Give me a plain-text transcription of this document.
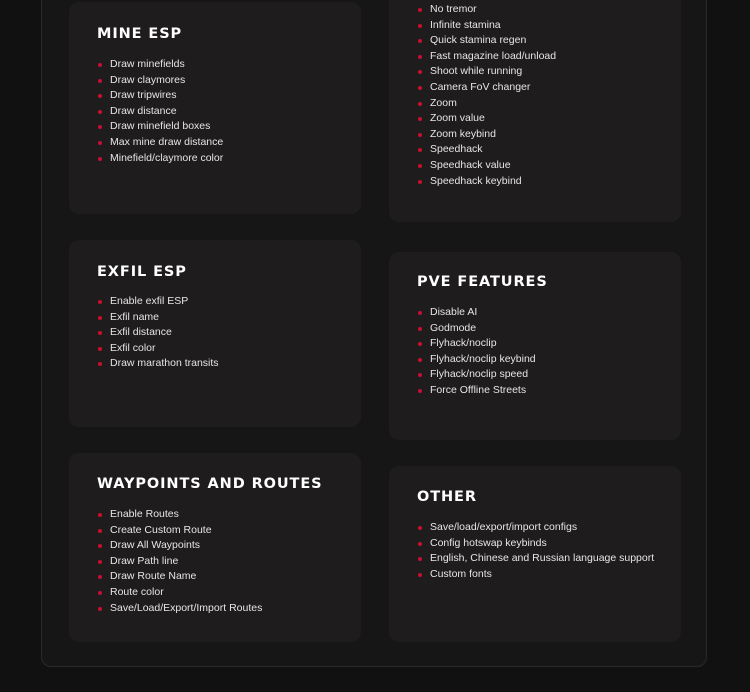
MINE ESP
Draw minefields
Draw claymores
Draw tripwires
Draw distance
Draw minefield boxes
Max mine draw distance
Minefield/claymore color
No tremor
Infinite stamina
Quick stamina regen
Fast magazine load/unload
Shoot while running
Camera FoV changer
Zoom
Zoom value
Zoom keybind
Speedhack
Speedhack value
Speedhack keybind
EXFIL ESP
Enable exfil ESP
Exfil name
Exfil distance
Exfil color
Draw marathon transits
PVE FEATURES
Disable AI
Godmode
Flyhack/noclip
Flyhack/noclip keybind
Flyhack/noclip speed
Force Offline Streets
WAYPOINTS AND ROUTES
Enable Routes
Create Custom Route
Draw All Waypoints
Draw Path line
Draw Route Name
Route color
Save/Load/Export/Import Routes
OTHER
Save/load/export/import configs
Config hotswap keybinds
English, Chinese and Russian language support
Custom fonts
